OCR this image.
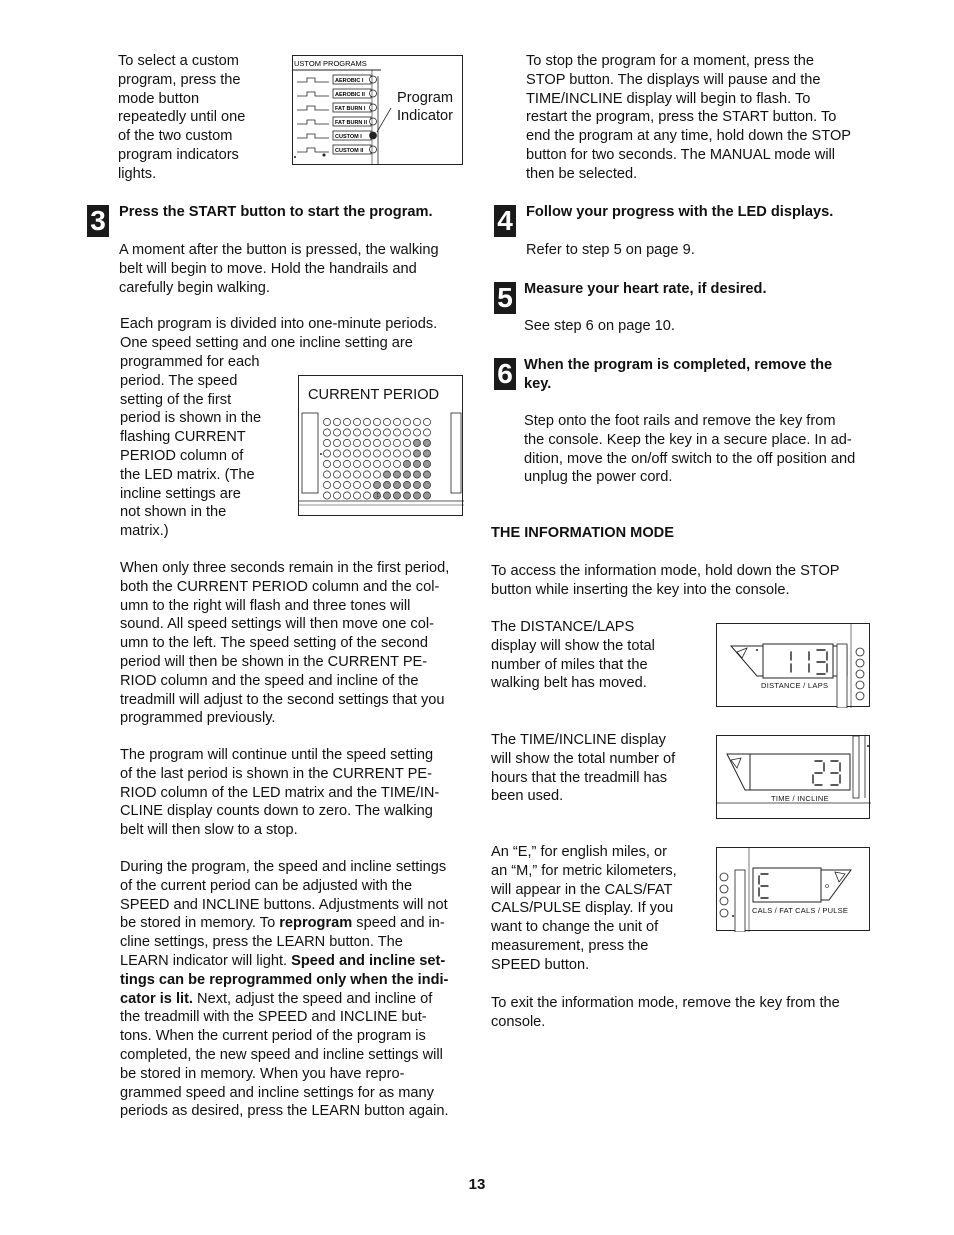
To select a custom
program, press the
mode button
repeatedly until one
of the two custom
program indicators
lights.
USTOM PROGRAMS
AEROBIC I
AEROBIC II
FAT BURN I
FAT BURN II
CUSTOM I
CUSTOM II
Program
Indicator
3 Press the START button to start the program.
A moment after the button is pressed, the walking
belt will begin to move. Hold the handrails and
carefully begin walking.
Each program is divided into one-minute periods.
One speed setting and one incline setting are
programmed for each
period. The speed
setting of the first
period is shown in the
flashing CURRENT
PERIOD column of
the LED matrix. (The
incline settings are
not shown in the
matrix.)
CURRENT PERIOD
↕
When only three seconds remain in the first period,
both the CURRENT PERIOD column and the col-
umn to the right will flash and three tones will
sound. All speed settings will then move one col-
umn to the left. The speed setting of the second
period will then be shown in the CURRENT PE-
RIOD column and the speed and incline of the
treadmill will adjust to the second settings that you
programmed previously.
The program will continue until the speed setting
of the last period is shown in the CURRENT PE-
RIOD column of the LED matrix and the TIME/IN-
CLINE display counts down to zero. The walking
belt will then slow to a stop.
During the program, the speed and incline settings
of the current period can be adjusted with the
SPEED and INCLINE buttons. Adjustments will not
be stored in memory. To reprogram speed and in-
cline settings, press the LEARN button. The
LEARN indicator will light. Speed and incline set-
tings can be reprogrammed only when the indi-
cator is lit. Next, adjust the speed and incline of
the treadmill with the SPEED and INCLINE but-
tons. When the current period of the program is
completed, the new speed and incline settings will
be stored in memory. When you have repro-
grammed speed and incline settings for as many
periods as desired, press the LEARN button again.
To stop the program for a moment, press the
STOP button. The displays will pause and the
TIME/INCLINE display will begin to flash. To
restart the program, press the START button. To
end the program at any time, hold down the STOP
button for two seconds. The MANUAL mode will
then be selected.
4 Follow your progress with the LED displays.
Refer to step 5 on page 9.
5 Measure your heart rate, if desired.
See step 6 on page 10.
6 When the program is completed, remove the
key.
Step onto the foot rails and remove the key from
the console. Keep the key in a secure place. In ad-
dition, move the on/off switch to the off position and
unplug the power cord.
THE INFORMATION MODE
To access the information mode, hold down the STOP
button while inserting the key into the console.
The DISTANCE/LAPS
display will show the total
number of miles that the
walking belt has moved.	DISTANCE / LAPS
The TIME/INCLINE display
will show the total number of
hours that the treadmill has
been used.	TIME / INCLINE
An “E,” for english miles, or
an “M,” for metric kilometers,
will appear in the CALS/FAT
CALS/PULSE display. If you
want to change the unit of
measurement, press the
SPEED button.
CALS / FAT CALS / PULSE
To exit the information mode, remove the key from the
console.
13
